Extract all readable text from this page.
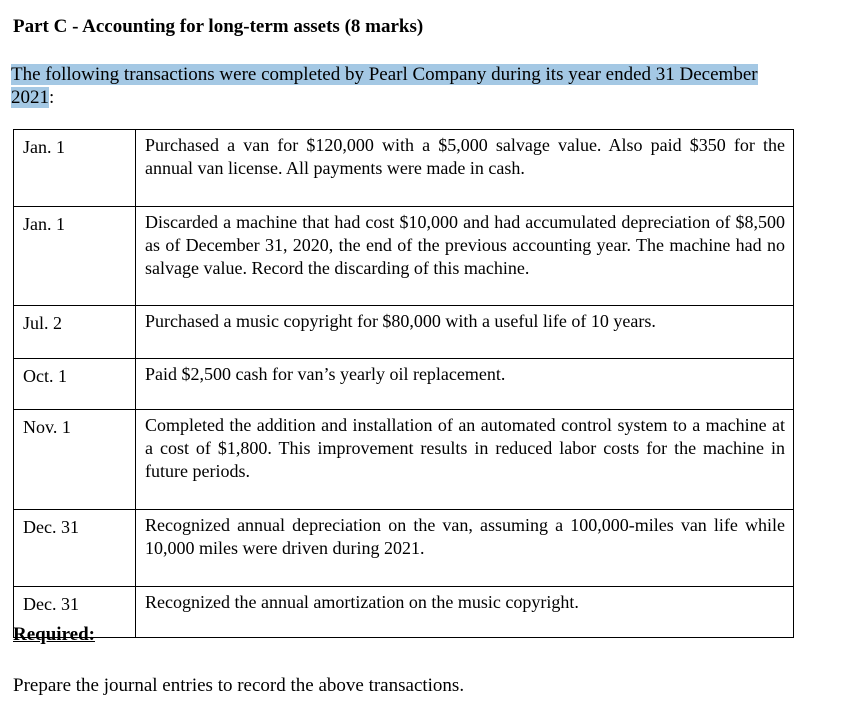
Part C - Accounting for long-term assets (8 marks)

The following transactions were completed by Pearl Company during its year ended 31 December
2021:

Jan. 1	Purchased a van for $120,000 with a $5,000 salvage value. Also paid $350 for the annual van license. All payments were made in cash.
Jan. 1	Discarded a machine that had cost $10,000 and had accumulated depreciation of $8,500 as of December 31, 2020, the end of the previous accounting year. The machine had no salvage value. Record the discarding of this machine.
Jul. 2	Purchased a music copyright for $80,000 with a useful life of 10 years.
Oct. 1	Paid $2,500 cash for van’s yearly oil replacement.
Nov. 1	Completed the addition and installation of an automated control system to a machine at a cost of $1,800. This improvement results in reduced labor costs for the machine in future periods.
Dec. 31	Recognized annual depreciation on the van, assuming a 100,000-miles van life while 10,000 miles were driven during 2021.
Dec. 31	Recognized the annual amortization on the music copyright.

Required:

Prepare the journal entries to record the above transactions.
